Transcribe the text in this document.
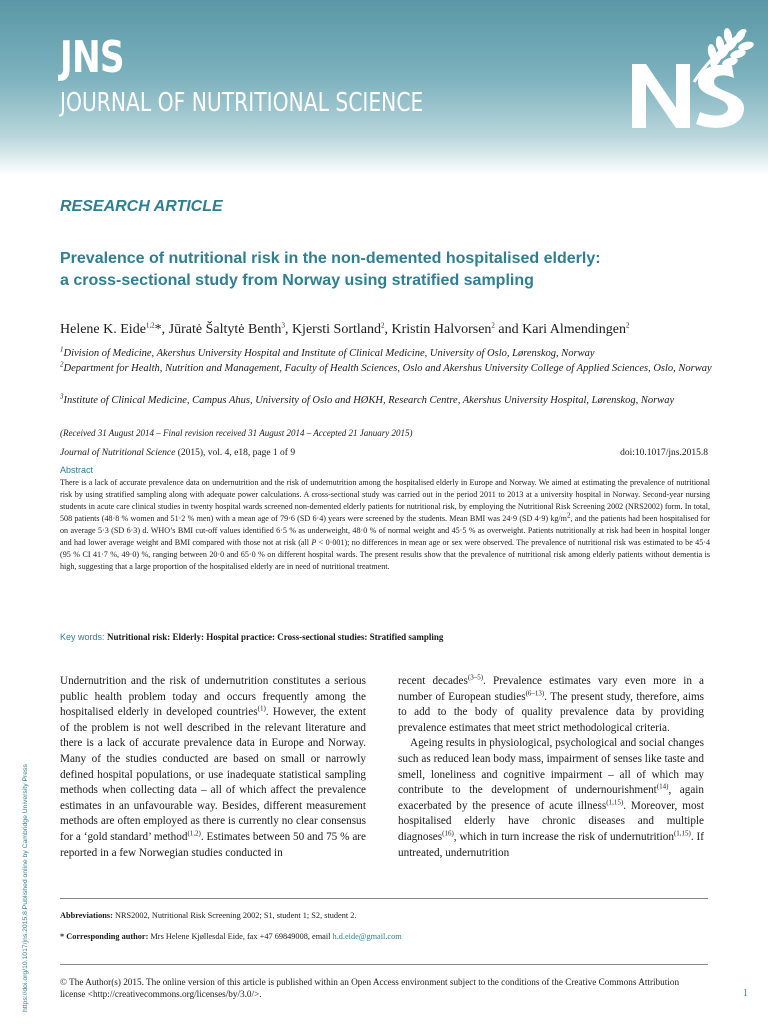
JNS
JOURNAL OF NUTRITIONAL SCIENCE
RESEARCH ARTICLE
Prevalence of nutritional risk in the non-demented hospitalised elderly:
a cross-sectional study from Norway using stratified sampling
Helene K. Eide$^{1,2}$*, Jūratė Šaltytė Benth$^3$, Kjersti Sortland$^2$, Kristin Halvorsen$^2$ and Kari Almendingen$^2$
$^1$Division of Medicine, Akershus University Hospital and Institute of Clinical Medicine, University of Oslo, Lørenskog, Norway
$^2$Department for Health, Nutrition and Management, Faculty of Health Sciences, Oslo and Akershus University College of Applied Sciences, Oslo, Norway
$^3$Institute of Clinical Medicine, Campus Ahus, University of Oslo and HØKH, Research Centre, Akershus University Hospital, Lørenskog, Norway
(Received 31 August 2014 – Final revision received 31 August 2014 – Accepted 21 January 2015)
Journal of Nutritional Science (2015), vol. 4, e18, page 1 of 9	doi:10.1017/jns.2015.8
Abstract
There is a lack of accurate prevalence data on undernutrition and the risk of undernutrition among the hospitalised elderly in Europe and Norway. We aimed at estimating the prevalence of nutritional risk by using stratified sampling along with adequate power calculations. A cross-sectional study was carried out in the period 2011 to 2013 at a university hospital in Norway. Second-year nursing students in acute care clinical studies in twenty hospital wards screened non-demented elderly patients for nutritional risk, by employing the Nutritional Risk Screening 2002 (NRS2002) form. In total, 508 patients (48·8 % women and 51·2 % men) with a mean age of 79·6 (SD 6·4) years were screened by the students. Mean BMI was 24·9 (SD 4·9) $kg/m^2$, and the patients had been hospitalised for on average 5·3 (SD 6·3) d. WHO’s BMI cut-off values identified 6·5 % as underweight, 48·0 % of normal weight and 45·5 % as overweight. Patients nutritionally at risk had been in hospital longer and had lower average weight and BMI compared with those not at risk (all P < 0·001); no differences in mean age or sex were observed. The prevalence of nutritional risk was estimated to be 45·4 (95 % CI 41·7 %, 49·0) %, ranging between 20·0 and 65·0 % on different hospital wards. The present results show that the prevalence of nutritional risk among elderly patients without dementia is high, suggesting that a large proportion of the hospitalised elderly are in need of nutritional treatment.
Key words: Nutritional risk: Elderly: Hospital practice: Cross-sectional studies: Stratified sampling

Undernutrition and the risk of undernutrition constitutes a serious public health problem today and occurs frequently among the hospitalised elderly in developed countries$^{(1)}$. However, the extent of the problem is not well described in the relevant literature and there is a lack of accurate prevalence data in Europe and Norway. Many of the studies conducted are based on small or narrowly defined hospital populations, or use inadequate statistical sampling methods when collecting data – all of which affect the prevalence estimates in an unfavourable way. Besides, different measurement methods are often employed as there is currently no clear consensus for a ‘gold standard’ method$^{(1,2)}$. Estimates between 50 and 75 % are reported in a few Norwegian studies conducted in

recent decades$^{(3-5)}$. Prevalence estimates vary even more in a number of European studies$^{(6-13)}$. The present study, therefore, aims to add to the body of quality prevalence data by providing prevalence estimates that meet strict methodological criteria.

Ageing results in physiological, psychological and social changes such as reduced lean body mass, impairment of senses like taste and smell, loneliness and cognitive impairment – all of which may contribute to the development of undernourishment$^{(14)}$, again exacerbated by the presence of acute illness$^{(1,15)}$. Moreover, most hospitalised elderly have chronic diseases and multiple diagnoses$^{(16)}$, which in turn increase the risk of undernutrition$^{(1,15)}$. If untreated, undernutrition

Abbreviations: NRS2002, Nutritional Risk Screening 2002; S1, student 1; S2, student 2.
* Corresponding author: Mrs Helene Kjøllesdal Eide, fax +47 69849008, email h.d.eide@gmail.com
© The Author(s) 2015. The online version of this article is published within an Open Access environment subject to the conditions of the Creative Commons Attribution license <http://creativecommons.org/licenses/by/3.0/>.	1
https://doi.org/10.1017/jns.2015.8 Published online by Cambridge University Press
